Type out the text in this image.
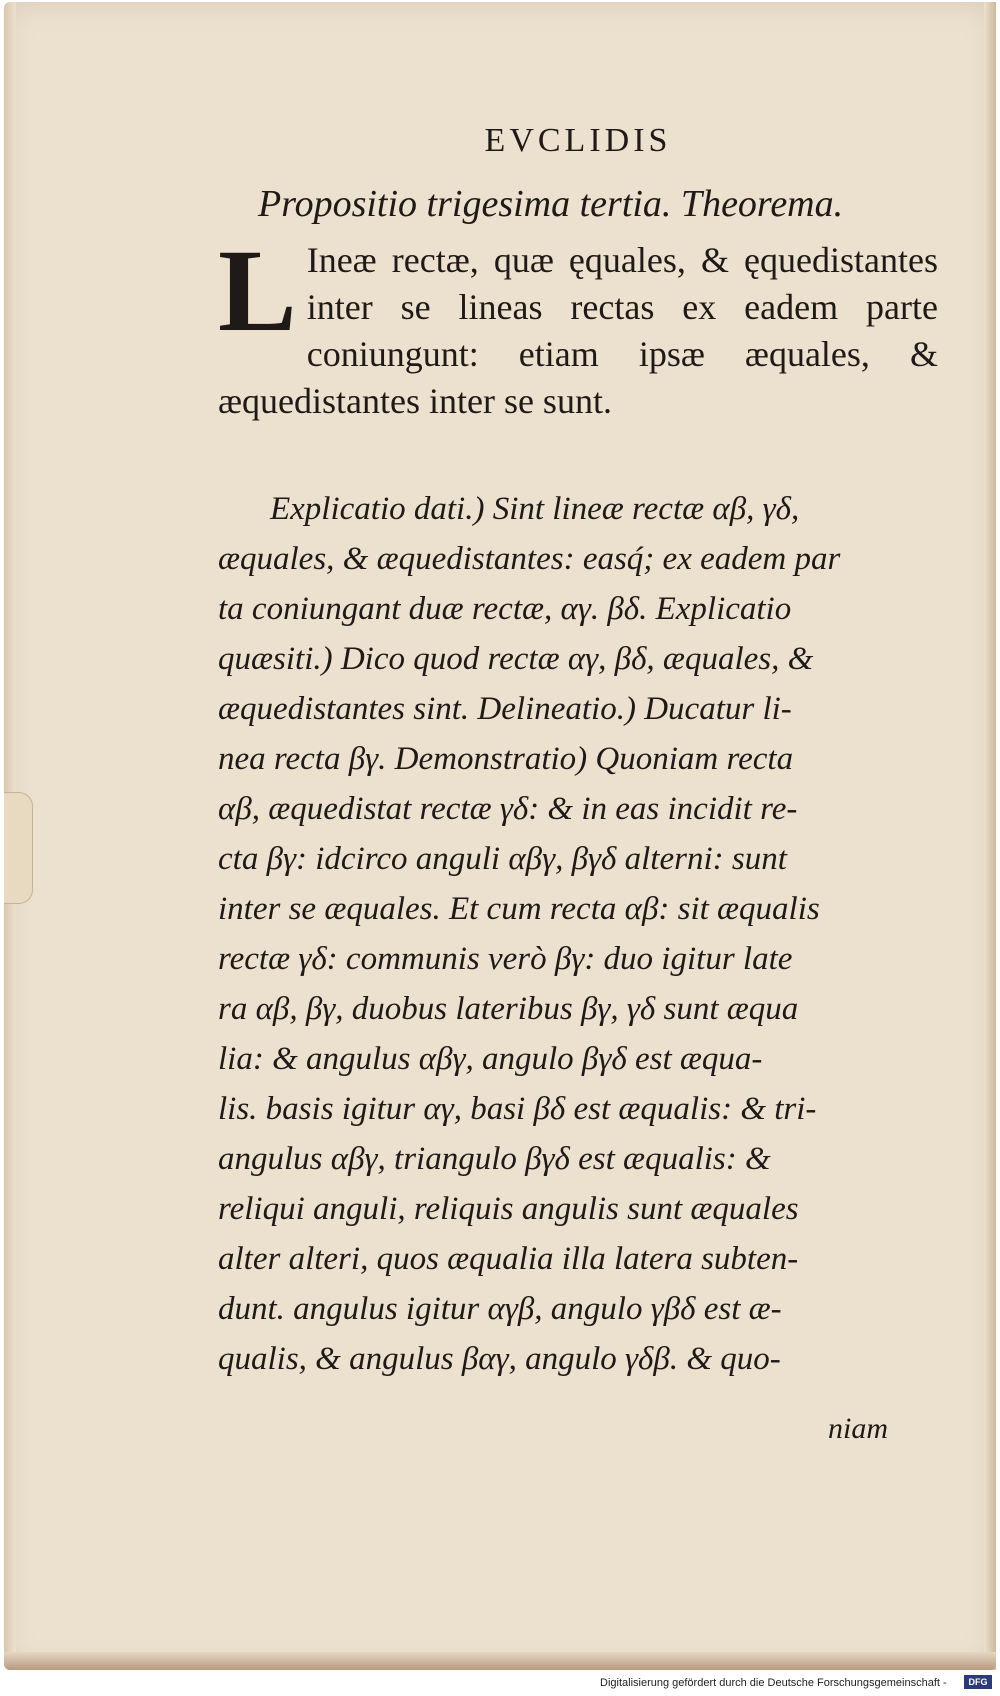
EVCLIDIS
Propositio trigesima tertia. Theorema.
L Ineæ rectæ, quæ ęquales, & ęquedistantes inter se lineas rectas ex eadem parte coniungunt: etiam ipsæ æquales, & æquedistantes inter se sunt.

Explicatio dati.) Sint lineæ rectæ αβ, γδ,
æquales, & æquedistantes: easq́; ex eadem par
ta coniungant duæ rectæ, αγ. βδ. Explicatio
quæsiti.) Dico quod rectæ αγ, βδ, æquales, &
æquedistantes sint. Delineatio.) Ducatur li-
nea recta βγ. Demonstratio) Quoniam recta
αβ, æquedistat rectæ γδ: & in eas incidit re-
cta βγ: idcirco anguli αβγ, βγδ alterni: sunt
inter se æquales. Et cum recta αβ: sit æqualis
rectæ γδ: communis verò βγ: duo igitur late
ra αβ, βγ, duobus lateribus βγ, γδ sunt æqua
lia: & angulus αβγ, angulo βγδ est æqua-
lis. basis igitur αγ, basi βδ est æqualis: & tri-
angulus αβγ, triangulo βγδ est æqualis: &
reliqui anguli, reliquis angulis sunt æquales
alter alteri, quos æqualia illa latera subten-
dunt. angulus igitur αγβ, angulo γβδ est æ-
qualis, & angulus βαγ, angulo γδβ. & quo-
niam
Digitalisierung gefördert durch die Deutsche Forschungsgemeinschaft -	DFG
